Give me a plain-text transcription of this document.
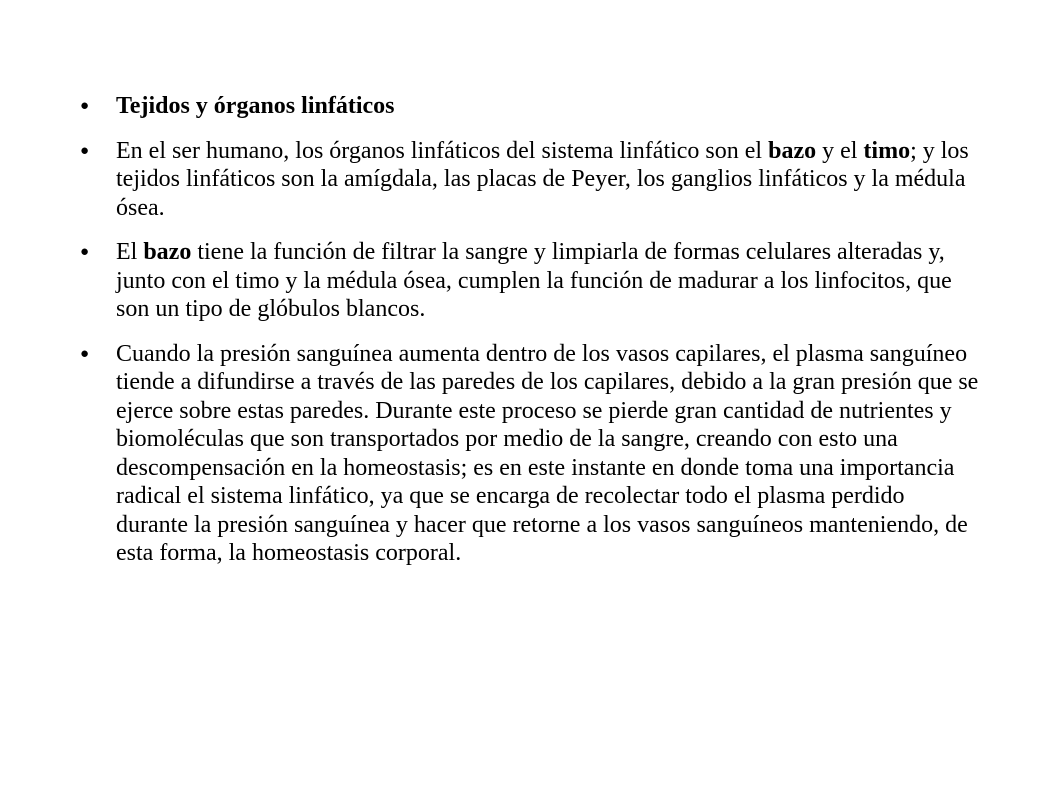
●	Tejidos y órganos linfáticos
●	En el ser humano, los órganos linfáticos del sistema linfático son el bazo y el timo; y los tejidos linfáticos son la amígdala, las placas de Peyer, los ganglios linfáticos y la médula ósea.
●	El bazo tiene la función de filtrar la sangre y limpiarla de formas celulares alteradas y, junto con el timo y la médula ósea, cumplen la función de madurar a los linfocitos, que son un tipo de glóbulos blancos.
●	Cuando la presión sanguínea aumenta dentro de los vasos capilares, el plasma sanguíneo tiende a difundirse a través de las paredes de los capilares, debido a la gran presión que se ejerce sobre estas paredes. Durante este proceso se pierde gran cantidad de nutrientes y biomoléculas que son transportados por medio de la sangre, creando con esto una descompensación en la homeostasis; es en este instante en donde toma una importancia radical el sistema linfático, ya que se encarga de recolectar todo el plasma perdido durante la presión sanguínea y hacer que retorne a los vasos sanguíneos manteniendo, de esta forma, la homeostasis corporal.
